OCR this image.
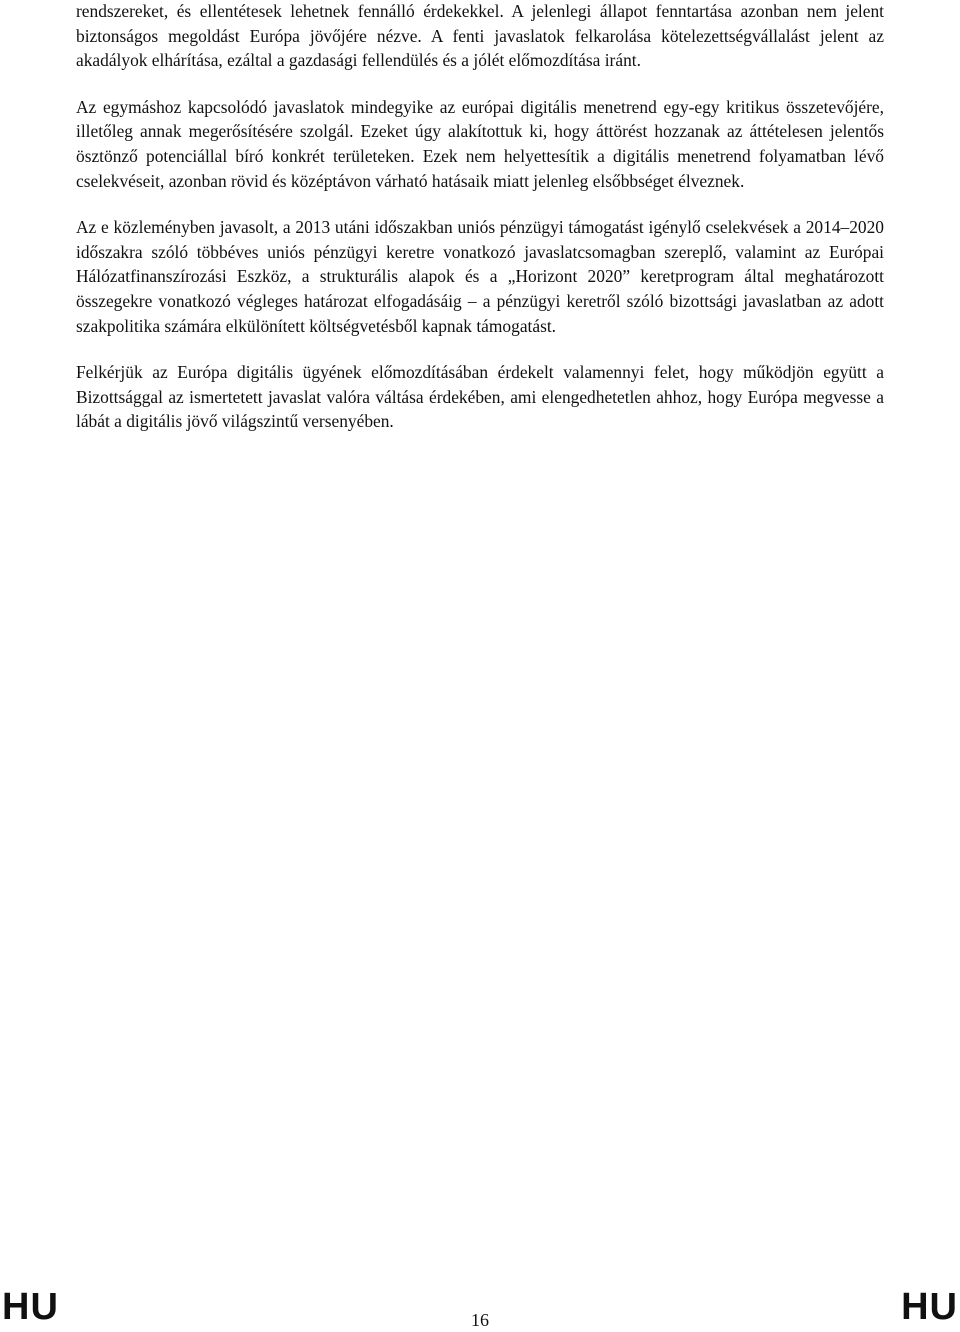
rendszereket, és ellentétesek lehetnek fennálló érdekekkel. A jelenlegi állapot fenntartása azonban nem jelent biztonságos megoldást Európa jövőjére nézve. A fenti javaslatok felkarolása kötelezettségvállalást jelent az akadályok elhárítása, ezáltal a gazdasági fellendülés és a jólét előmozdítása iránt.

Az egymáshoz kapcsolódó javaslatok mindegyike az európai digitális menetrend egy-egy kritikus összetevőjére, illetőleg annak megerősítésére szolgál. Ezeket úgy alakítottuk ki, hogy áttörést hozzanak az áttételesen jelentős ösztönző potenciállal bíró konkrét területeken. Ezek nem helyettesítik a digitális menetrend folyamatban lévő cselekvéseit, azonban rövid és középtávon várható hatásaik miatt jelenleg elsőbbséget élveznek.

Az e közleményben javasolt, a 2013 utáni időszakban uniós pénzügyi támogatást igénylő cselekvések a 2014–2020 időszakra szóló többéves uniós pénzügyi keretre vonatkozó javaslatcsomagban szereplő, valamint az Európai Hálózatfinanszírozási Eszköz, a strukturális alapok és a „Horizont 2020” keretprogram által meghatározott összegekre vonatkozó végleges határozat elfogadásáig – a pénzügyi keretről szóló bizottsági javaslatban az adott szakpolitika számára elkülönített költségvetésből kapnak támogatást.

Felkérjük az Európa digitális ügyének előmozdításában érdekelt valamennyi felet, hogy működjön együtt a Bizottsággal az ismertetett javaslat valóra váltása érdekében, ami elengedhetetlen ahhoz, hogy Európa megvesse a lábát a digitális jövő világszintű versenyében.

HU	16	HU
